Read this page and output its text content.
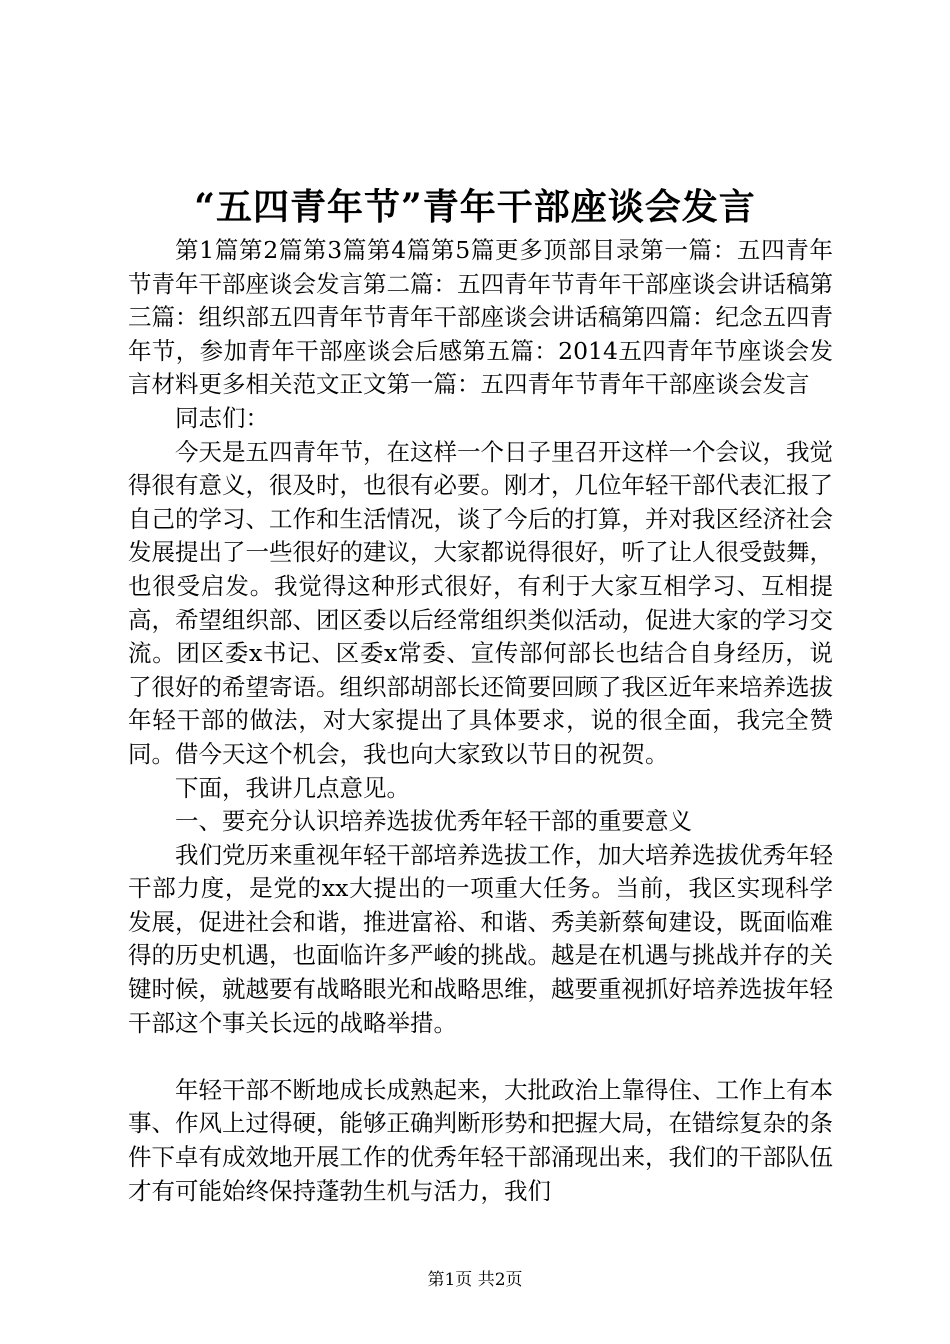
“五四青年节”青年干部座谈会发言

第1篇第2篇第3篇第4篇第5篇更多顶部目录第一篇：五四青年节青年干部座谈会发言第二篇：五四青年节青年干部座谈会讲话稿第三篇：组织部五四青年节青年干部座谈会讲话稿第四篇：纪念五四青年节，参加青年干部座谈会后感第五篇：2014五四青年节座谈会发言材料更多相关范文正文第一篇：五四青年节青年干部座谈会发言

同志们：

今天是五四青年节，在这样一个日子里召开这样一个会议，我觉得很有意义，很及时，也很有必要。刚才，几位年轻干部代表汇报了自己的学习、工作和生活情况，谈了今后的打算，并对我区经济社会发展提出了一些很好的建议，大家都说得很好，听了让人很受鼓舞，也很受启发。我觉得这种形式很好，有利于大家互相学习、互相提高，希望组织部、团区委以后经常组织类似活动，促进大家的学习交流。团区委x书记、区委x常委、宣传部何部长也结合自身经历，说了很好的希望寄语。组织部胡部长还简要回顾了我区近年来培养选拔年轻干部的做法，对大家提出了具体要求，说的很全面，我完全赞同。借今天这个机会，我也向大家致以节日的祝贺。

下面，我讲几点意见。

一、要充分认识培养选拔优秀年轻干部的重要意义

我们党历来重视年轻干部培养选拔工作，加大培养选拔优秀年轻干部力度，是党的xx大提出的一项重大任务。当前，我区实现科学发展，促进社会和谐，推进富裕、和谐、秀美新蔡甸建设，既面临难得的历史机遇，也面临许多严峻的挑战。越是在机遇与挑战并存的关键时候，就越要有战略眼光和战略思维，越要重视抓好培养选拔年轻干部这个事关长远的战略举措。

年轻干部不断地成长成熟起来，大批政治上靠得住、工作上有本事、作风上过得硬，能够正确判断形势和把握大局，在错综复杂的条件下卓有成效地开展工作的优秀年轻干部涌现出来，我们的干部队伍才有可能始终保持蓬勃生机与活力，我们

第1页 共2页
